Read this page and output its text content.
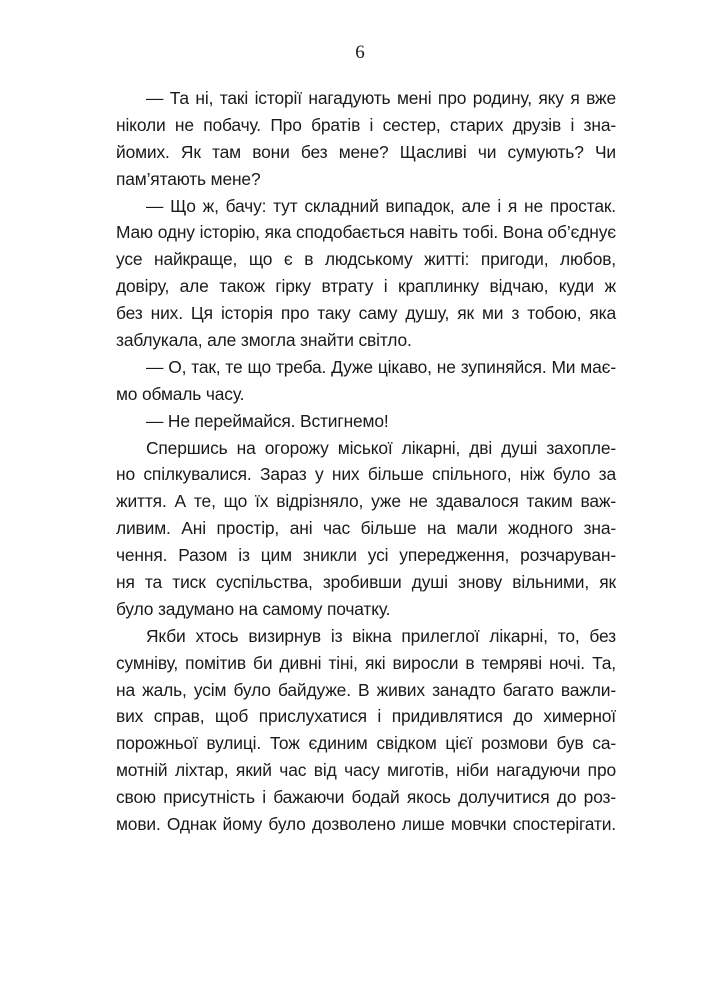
6
— Та ні, такі історії нагадують мені про родину, яку я вже
ніколи не побачу. Про братів і сестер, старих друзів і зна-
йомих. Як там вони без мене? Щасливі чи сумують? Чи
пам’ятають мене?
— Що ж, бачу: тут складний випадок, але і я не простак.
Маю одну історію, яка сподобається навіть тобі. Вона об’єднує
усе найкраще, що є в людському житті: пригоди, любов,
довіру, але також гірку втрату і краплинку відчаю, куди ж
без них. Ця історія про таку саму душу, як ми з тобою, яка
заблукала, але змогла знайти світло.
— О, так, те що треба. Дуже цікаво, не зупиняйся. Ми має-
мо обмаль часу.
— Не переймайся. Встигнемо!
Спершись на огорожу міської лікарні, дві душі захопле-
но спілкувалися. Зараз у них більше спільного, ніж було за
життя. А те, що їх відрізняло, уже не здавалося таким важ-
ливим. Ані простір, ані час більше на мали жодного зна-
чення. Разом із цим зникли усі упередження, розчаруван-
ня та тиск суспільства, зробивши душі знову вільними, як
було задумано на самому початку.
Якби хтось визирнув із вікна прилеглої лікарні, то, без
сумніву, помітив би дивні тіні, які виросли в темряві ночі. Та,
на жаль, усім було байдуже. В живих занадто багато важли-
вих справ, щоб прислухатися і придивлятися до химерної
порожньої вулиці. Тож єдиним свідком цієї розмови був са-
мотній ліхтар, який час від часу миготів, ніби нагадуючи про
свою присутність і бажаючи бодай якось долучитися до роз-
мови. Однак йому було дозволено лише мовчки спостерігати.
